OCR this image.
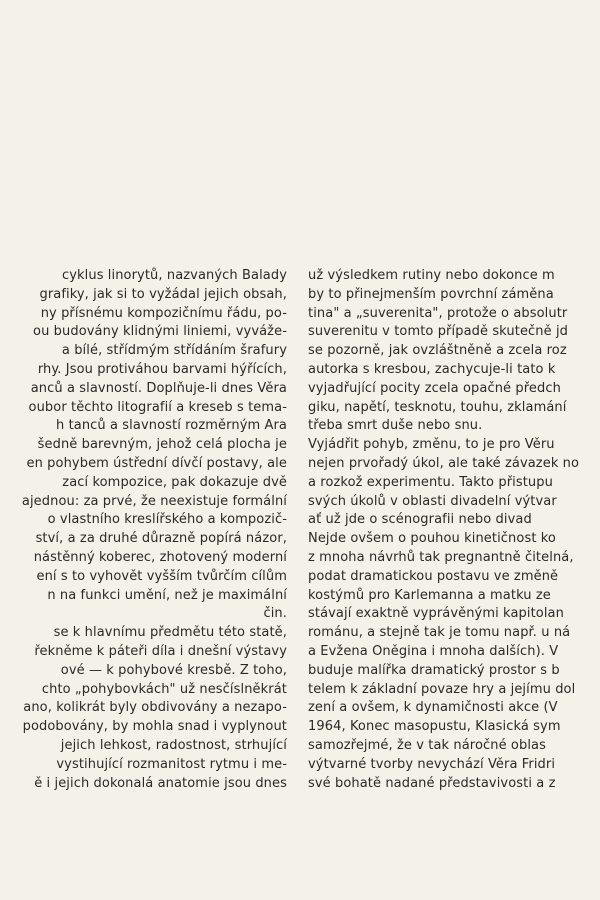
cyklus linorytů, nazvaných Balady
grafiky, jak si to vyžádal jejich obsah,
ny přísnému kompozičnímu řádu, po-
ou budovány klidnými liniemi, vyváže-
a bílé, střídmým střídáním šrafury
rhy. Jsou protiváhou barvami hýřících,
anců a slavností. Doplňuje-li dnes Věra
oubor těchto litografií a kreseb s tema-
h tanců a slavností rozměrným Ara
šedně barevným, jehož celá plocha je
en pohybem ústřední dívčí postavy, ale
zací kompozice, pak dokazuje dvě
ajednou: za prvé, že neexistuje formální
o vlastního kreslířského a kompozič-
ství, a za druhé důrazně popírá názor,
nástěnný koberec, zhotovený moderní
ení s to vyhovět vyšším tvůrčím cílům
n na funkci umění, než je maximální
čin.
se k hlavnímu předmětu této statě,
řekněme k páteři díla i dnešní výstavy
ové — k pohybové kresbě. Z toho,
chto „pohybovkách" už nesčíslněkrát
ano, kolikrát byly obdivovány a nezapo-
podobovány, by mohla snad i vyplynout
jejich lehkost, radostnost, strhující
vystihující rozmanitost rytmu i me-
ě i jejich dokonalá anatomie jsou dnes
už výsledkem rutiny nebo dokonce m
by to přinejmenším povrchní záměna
tina" a „suverenita", protože o absolutr
suverenitu v tomto případě skutečně jd
se pozorně, jak ovzláštněně a zcela roz
autorka s kresbou, zachycuje-li tato k
vyjadřující pocity zcela opačné předch
giku, napětí, tesknotu, touhu, zklamání
třeba smrt duše nebo snu.
Vyjádřit pohyb, změnu, to je pro Věru
nejen prvořadý úkol, ale také závazek no
a rozkož experimentu. Takto přistupu
svých úkolů v oblasti divadelní výtvar
ať už jde o scénografii nebo divad
Nejde ovšem o pouhou kinetičnost ko
z mnoha návrhů tak pregnantně čitelná,
podat dramatickou postavu ve změně
kostýmů pro Karlemanna a matku ze
stávají exaktně vyprávěnými kapitolan
románu, a stejně tak je tomu např. u ná
a Evžena Oněgina i mnoha dalších). V
buduje malířka dramatický prostor s b
telem k základní povaze hry a jejímu dol
zení a ovšem, k dynamičnosti akce (V
1964, Konec masopustu, Klasická sym
samozřejmé, že v tak náročné oblas
výtvarné tvorby nevychází Věra Fridri
své bohatě nadané představivosti a z
